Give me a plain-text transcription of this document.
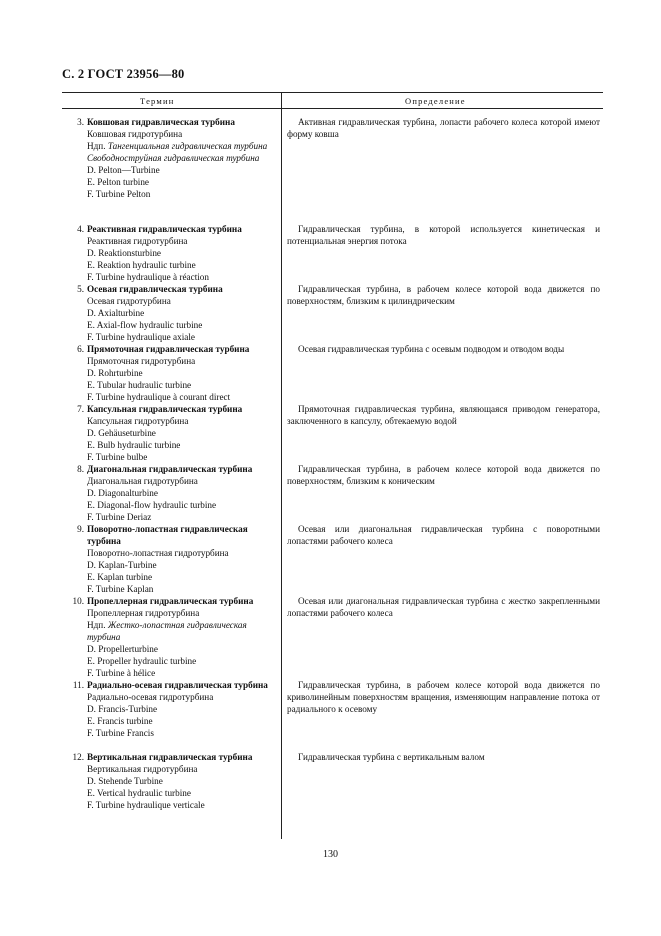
С. 2 ГОСТ 23956—80
Термин	Определение
3. Ковшовая гидравлическая турбина
Ковшовая гидротурбина
Ндп. Тангенциальная гидравлическая турбина
Свободноструйная гидравлическая турбина
D. Pelton—Turbine
E. Pelton turbine
F. Turbine Pelton
Активная гидравлическая турбина, лопасти рабочего колеса которой имеют форму ковша
4. Реактивная гидравлическая турбина
Реактивная гидротурбина
D. Reaktionsturbine
E. Reaktion hydraulic turbine
F. Turbine hydraulique à réaction
Гидравлическая турбина, в которой используется кинетическая и потенциальная энергия потока
5. Осевая гидравлическая турбина
Осевая гидротурбина
D. Axialturbine
E. Axial-flow hydraulic turbine
F. Turbine hydraulique axiale
Гидравлическая турбина, в рабочем колесе которой вода движется по поверхностям, близким к цилиндрическим
6. Прямоточная гидравлическая турбина
Прямоточная гидротурбина
D. Rohrturbine
E. Tubular hudraulic turbine
F. Turbine hydraulique à courant direct
Осевая гидравлическая турбина с осевым подводом и отводом воды
7. Капсульная гидравлическая турбина
Капсульная гидротурбина
D. Gehäuseturbine
E. Bulb hydraulic turbine
F. Turbine bulbe
Прямоточная гидравлическая турбина, являющаяся приводом генератора, заключенного в капсулу, обтекаемую водой
8. Диагональная гидравлическая турбина
Диагональная гидротурбина
D. Diagonalturbine
E. Diagonal-flow hydraulic turbine
F. Turbine Deriaz
Гидравлическая турбина, в рабочем колесе которой вода движется по поверхностям, близким к коническим
9. Поворотно-лопастная гидравлическая турбина
Поворотно-лопастная гидротурбина
D. Kaplan-Turbine
E. Kaplan turbine
F. Turbine Kaplan
Осевая или диагональная гидравлическая турбина с поворотными лопастями рабочего колеса
10. Пропеллерная гидравлическая турбина
Пропеллерная гидротурбина
Ндп. Жестко-лопастная гидравлическая турбина
D. Propellerturbine
E. Propeller hydraulic turbine
F. Turbine à hélice
Осевая или диагональная гидравлическая турбина с жестко закрепленными лопастями рабочего колеса
11. Радиально-осевая гидравлическая турбина
Радиально-осевая гидротурбина
D. Francis-Turbine
E. Francis turbine
F. Turbine Francis
Гидравлическая турбина, в рабочем колесе которой вода движется по криволинейным поверхностям вращения, изменяющим направление потока от радиального к осевому
12. Вертикальная гидравлическая турбина
Вертикальная гидротурбина
D. Stehende Turbine
E. Vertical hydraulic turbine
F. Turbine hydraulique verticale
Гидравлическая турбина с вертикальным валом
130
